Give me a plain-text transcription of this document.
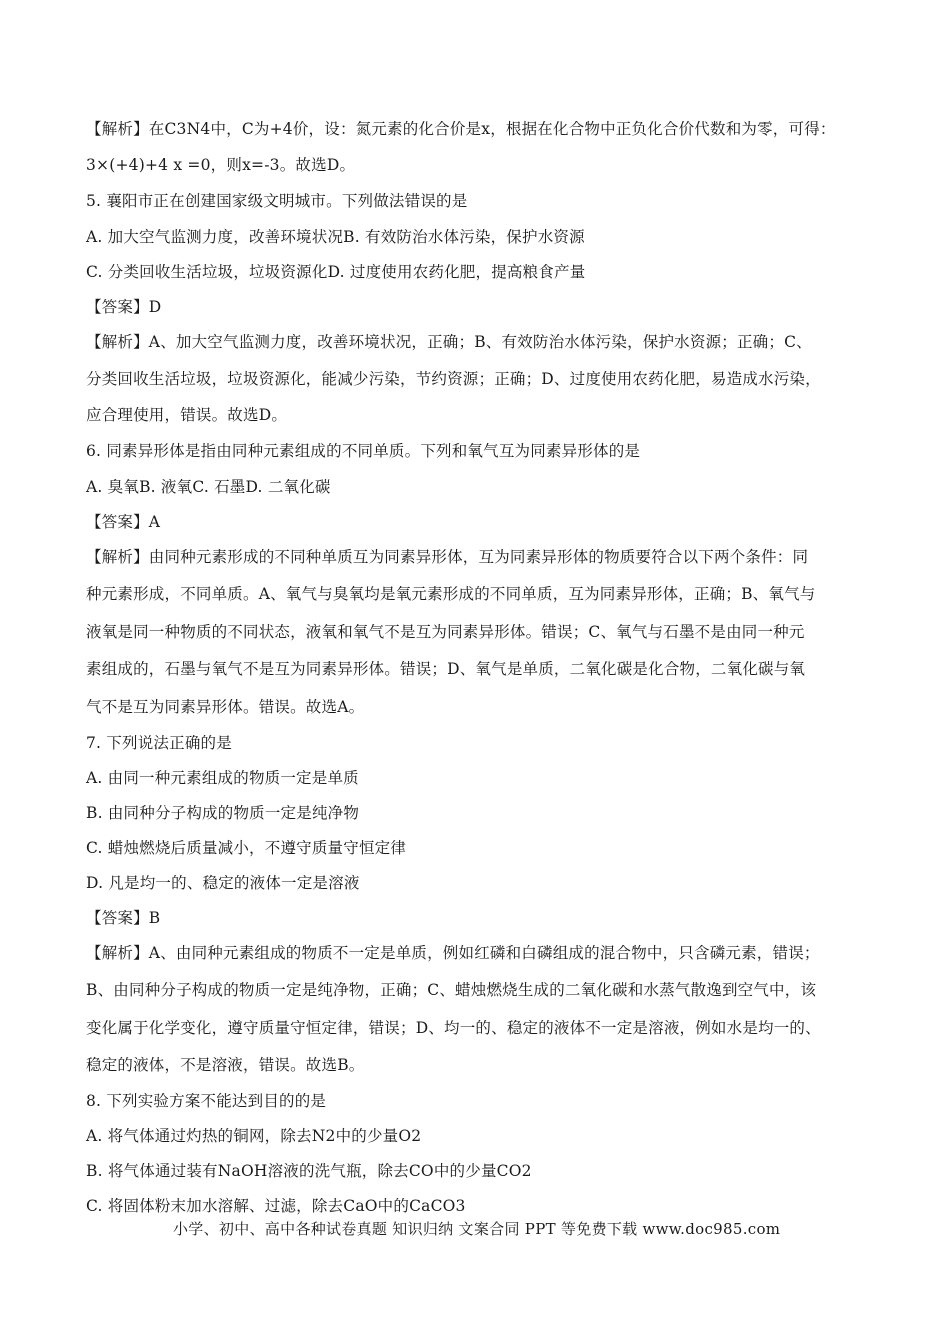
【解析】在C3N4中，C为+4价，设：氮元素的化合价是x，根据在化合物中正负化合价代数和为零，可得：
3×(+4)+4 x =0，则x=-3。故选D。
5. 襄阳市正在创建国家级文明城市。下列做法错误的是
A. 加大空气监测力度，改善环境状况B. 有效防治水体污染，保护水资源
C. 分类回收生活垃圾，垃圾资源化D. 过度使用农药化肥，提高粮食产量
【答案】D
【解析】A、加大空气监测力度，改善环境状况，正确；B、有效防治水体污染，保护水资源；正确；C、
分类回收生活垃圾，垃圾资源化，能减少污染，节约资源；正确；D、过度使用农药化肥，易造成水污染，
应合理使用，错误。故选D。
6. 同素异形体是指由同种元素组成的不同单质。下列和氧气互为同素异形体的是
A. 臭氧B. 液氧C. 石墨D. 二氧化碳
【答案】A
【解析】由同种元素形成的不同种单质互为同素异形体，互为同素异形体的物质要符合以下两个条件：同
种元素形成，不同单质。A、氧气与臭氧均是氧元素形成的不同单质，互为同素异形体，正确；B、氧气与
液氧是同一种物质的不同状态，液氧和氧气不是互为同素异形体。错误；C、氧气与石墨不是由同一种元
素组成的，石墨与氧气不是互为同素异形体。错误；D、氧气是单质，二氧化碳是化合物，二氧化碳与氧
气不是互为同素异形体。错误。故选A。
7. 下列说法正确的是
A. 由同一种元素组成的物质一定是单质
B. 由同种分子构成的物质一定是纯净物
C. 蜡烛燃烧后质量减小，不遵守质量守恒定律
D. 凡是均一的、稳定的液体一定是溶液
【答案】B
【解析】A、由同种元素组成的物质不一定是单质，例如红磷和白磷组成的混合物中，只含磷元素，错误；
B、由同种分子构成的物质一定是纯净物，正确；C、蜡烛燃烧生成的二氧化碳和水蒸气散逸到空气中，该
变化属于化学变化，遵守质量守恒定律，错误；D、均一的、稳定的液体不一定是溶液，例如水是均一的、
稳定的液体，不是溶液，错误。故选B。
8. 下列实验方案不能达到目的的是
A. 将气体通过灼热的铜网，除去N2中的少量O2
B. 将气体通过装有NaOH溶液的洗气瓶，除去CO中的少量CO2
C. 将固体粉末加水溶解、过滤，除去CaO中的CaCO3
小学、初中、高中各种试卷真题 知识归纳 文案合同 PPT 等免费下载 www.doc985.com
